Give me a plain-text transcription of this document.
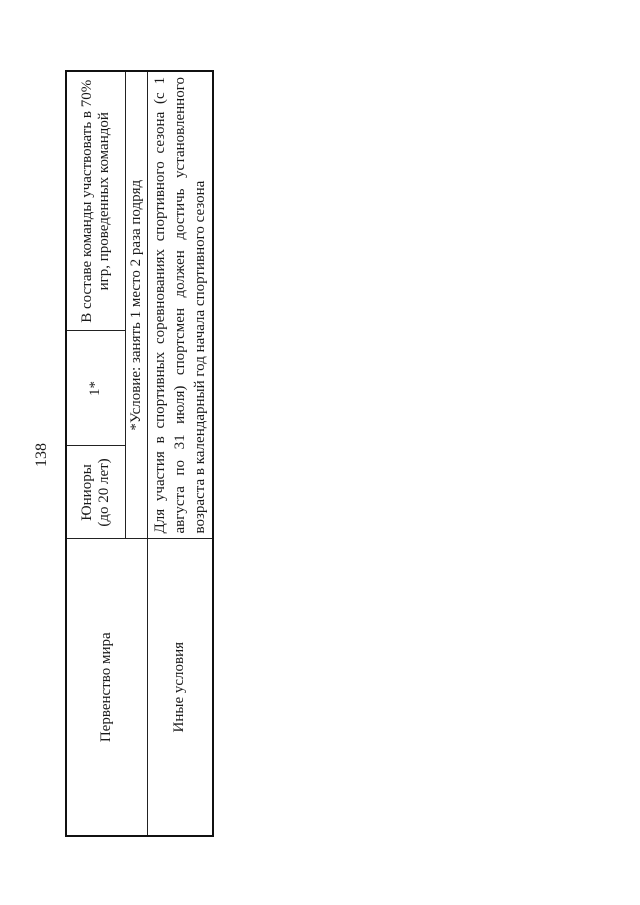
138
Первенство мира	Юниоры (до 20 лет)	1*	В составе команды участвовать в 70% игр, проведенных командой

	*Условие: занять 1 место 2 раза подряд		
Иные условия	Для участия в спортивных соревнованиях спортивного сезона (с 1 августа по 31 июля) спортсмен должен достичь установленного возраста в календарный год начала спортивного сезона		
